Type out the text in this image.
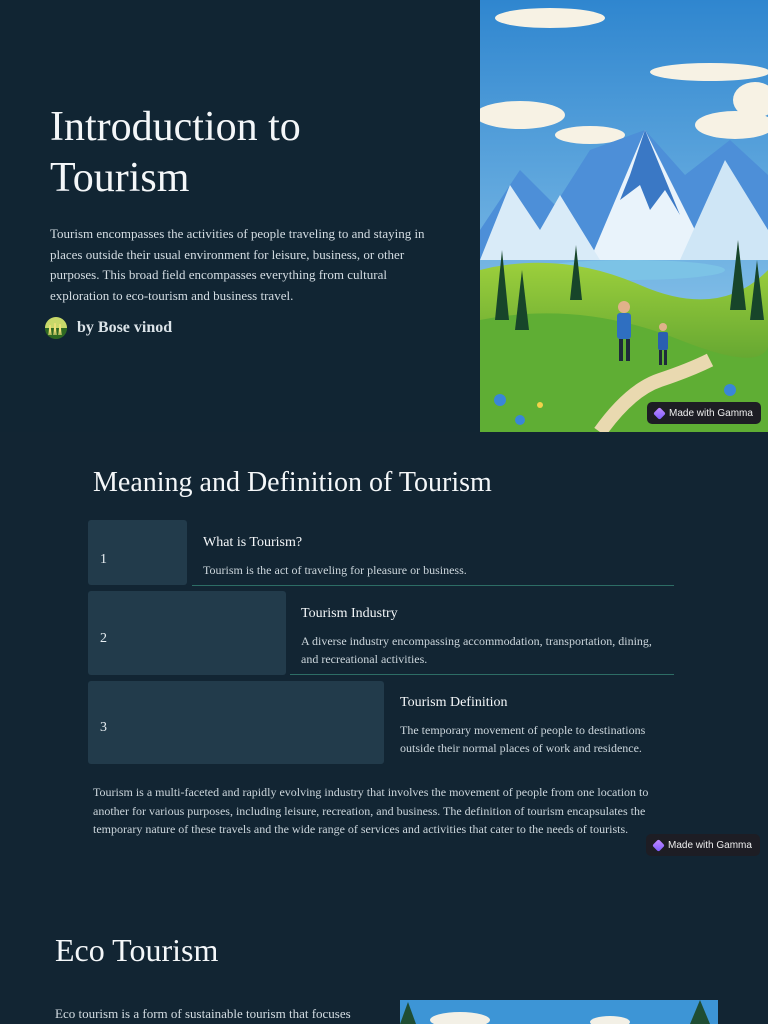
Introduction to
Tourism
Tourism encompasses the activities of people traveling to and staying in places outside their usual environment for leisure, business, or other purposes. This broad field encompasses everything from cultural exploration to eco-tourism and business travel.
by Bose vinod
Made with Gamma
Meaning and Definition of Tourism
1
What is Tourism?
Tourism is the act of traveling for pleasure or business.
2
Tourism Industry
A diverse industry encompassing accommodation, transportation, dining, and recreational activities.
3
Tourism Definition
The temporary movement of people to destinations outside their normal places of work and residence.
Tourism is a multi-faceted and rapidly evolving industry that involves the movement of people from one location to another for various purposes, including leisure, recreation, and business. The definition of tourism encapsulates the temporary nature of these travels and the wide range of services and activities that cater to the needs of tourists.
Made with Gamma
Eco Tourism
Eco tourism is a form of sustainable tourism that focuses
